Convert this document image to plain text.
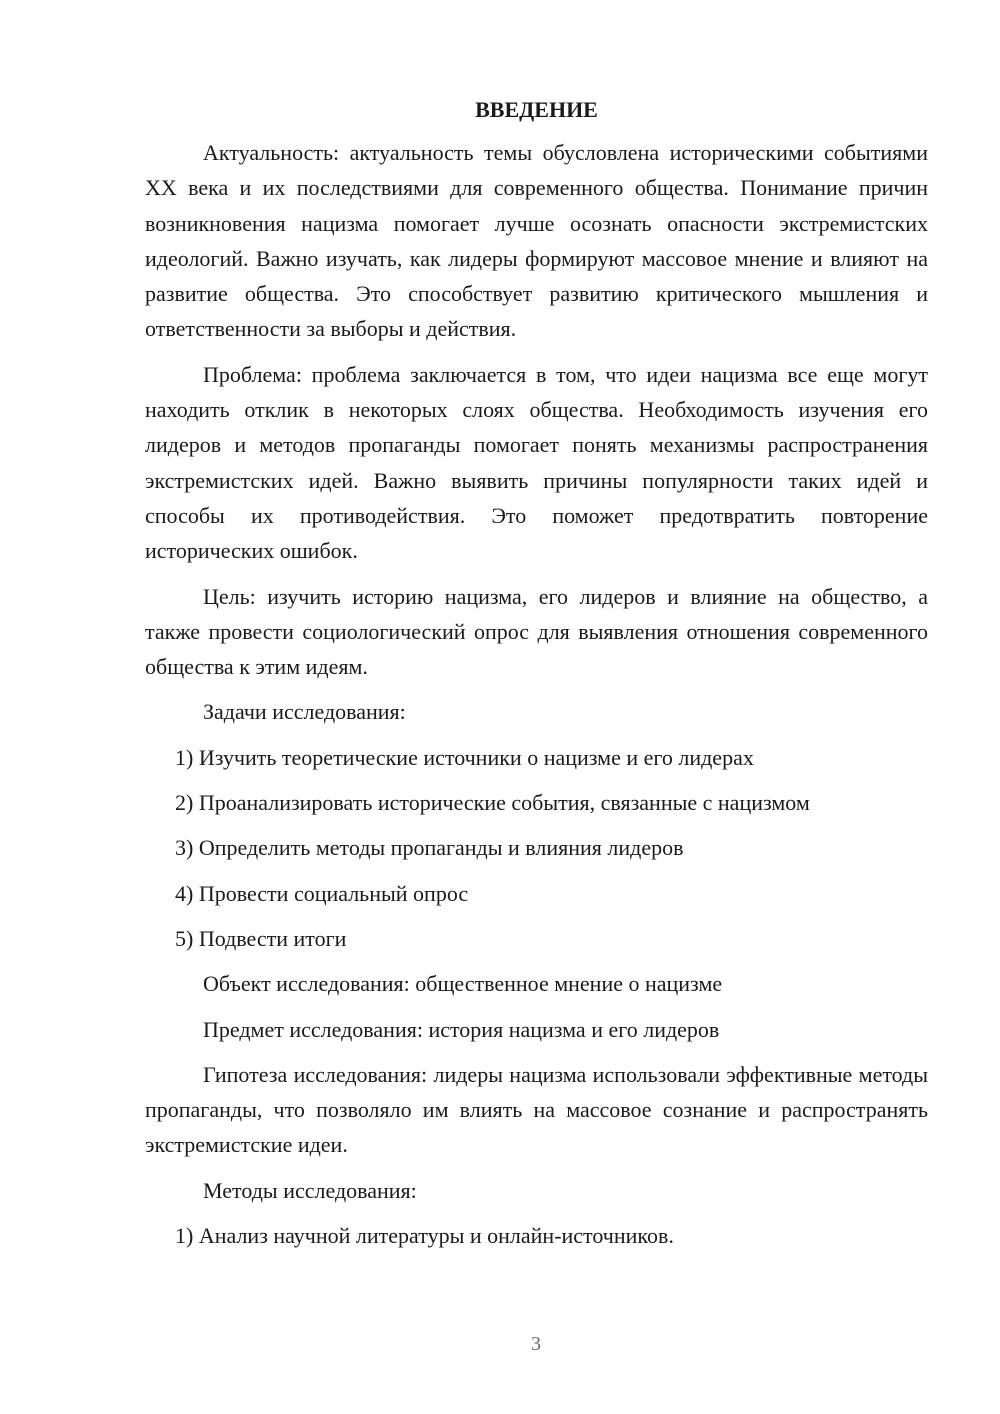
ВВЕДЕНИЕ

Актуальность: актуальность темы обусловлена историческими событиями XX века и их последствиями для современного общества. Понимание причин возникновения нацизма помогает лучше осознать опасности экстремистских идеологий. Важно изучать, как лидеры формируют массовое мнение и влияют на развитие общества. Это способствует развитию критического мышления и ответственности за выборы и действия.

Проблема: проблема заключается в том, что идеи нацизма все еще могут находить отклик в некоторых слоях общества. Необходимость изучения его лидеров и методов пропаганды помогает понять механизмы распространения экстремистских идей. Важно выявить причины популярности таких идей и способы их противодействия. Это поможет предотвратить повторение исторических ошибок.

Цель: изучить историю нацизма, его лидеров и влияние на общество, а также провести социологический опрос для выявления отношения современного общества к этим идеям.

Задачи исследования:
1) Изучить теоретические источники о нацизме и его лидерах
2) Проанализировать исторические события, связанные с нацизмом
3) Определить методы пропаганды и влияния лидеров
4) Провести социальный опрос
5) Подвести итоги
Объект исследования: общественное мнение о нацизме
Предмет исследования: история нацизма и его лидеров

Гипотеза исследования: лидеры нацизма использовали эффективные методы пропаганды, что позволяло им влиять на массовое сознание и распространять экстремистские идеи.

Методы исследования:
1) Анализ научной литературы и онлайн-источников.
3
